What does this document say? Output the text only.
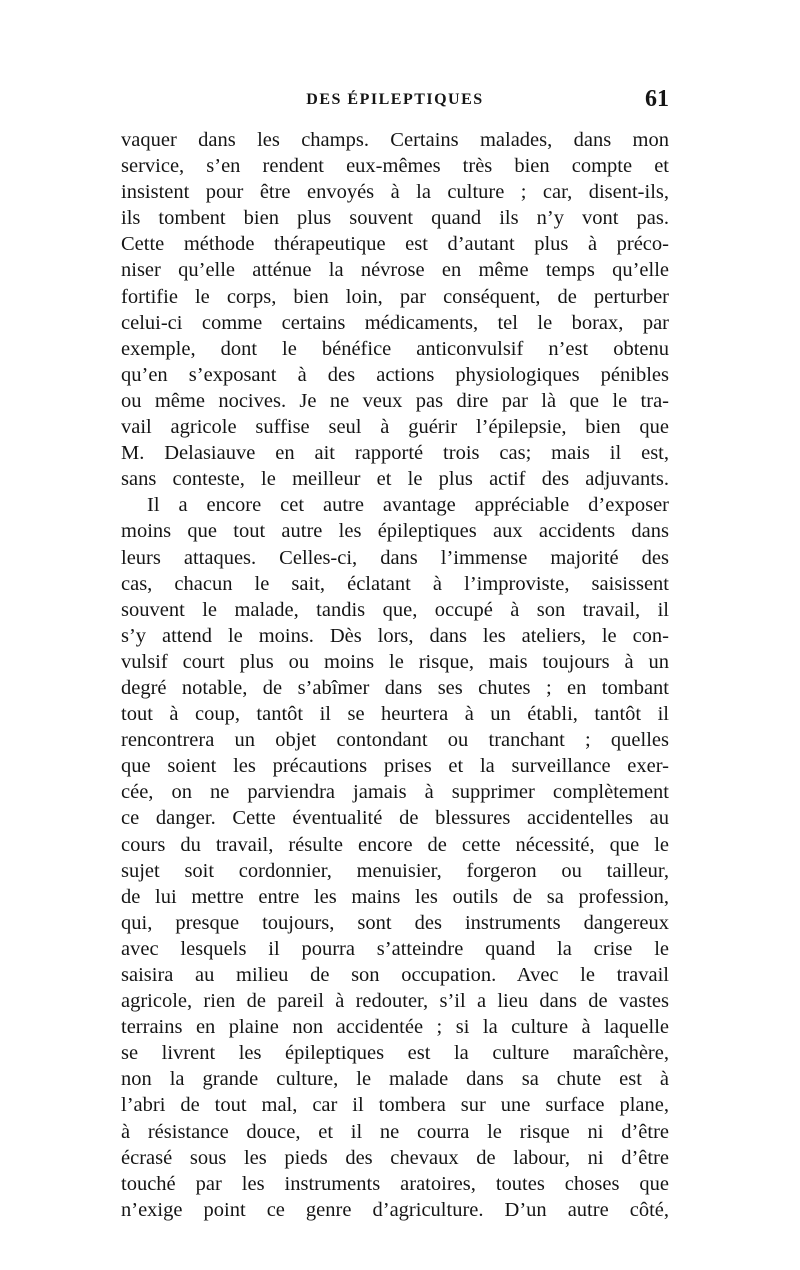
DES ÉPILEPTIQUES	61
vaquer dans les champs. Certains malades, dans mon
service, s’en rendent eux-mêmes très bien compte et
insistent pour être envoyés à la culture ; car, disent-ils,
ils tombent bien plus souvent quand ils n’y vont pas.
Cette méthode thérapeutique est d’autant plus à préco-
niser qu’elle atténue la névrose en même temps qu’elle
fortifie le corps, bien loin, par conséquent, de perturber
celui-ci comme certains médicaments, tel le borax, par
exemple, dont le bénéfice anticonvulsif n’est obtenu
qu’en s’exposant à des actions physiologiques pénibles
ou même nocives. Je ne veux pas dire par là que le tra-
vail agricole suffise seul à guérir l’épilepsie, bien que
M. Delasiauve en ait rapporté trois cas; mais il est,
sans conteste, le meilleur et le plus actif des adjuvants.
Il a encore cet autre avantage appréciable d’exposer
moins que tout autre les épileptiques aux accidents dans
leurs attaques. Celles-ci, dans l’immense majorité des
cas, chacun le sait, éclatant à l’improviste, saisissent
souvent le malade, tandis que, occupé à son travail, il
s’y attend le moins. Dès lors, dans les ateliers, le con-
vulsif court plus ou moins le risque, mais toujours à un
degré notable, de s’abîmer dans ses chutes ; en tombant
tout à coup, tantôt il se heurtera à un établi, tantôt il
rencontrera un objet contondant ou tranchant ; quelles
que soient les précautions prises et la surveillance exer-
cée, on ne parviendra jamais à supprimer complètement
ce danger. Cette éventualité de blessures accidentelles au
cours du travail, résulte encore de cette nécessité, que le
sujet soit cordonnier, menuisier, forgeron ou tailleur,
de lui mettre entre les mains les outils de sa profession,
qui, presque toujours, sont des instruments dangereux
avec lesquels il pourra s’atteindre quand la crise le
saisira au milieu de son occupation. Avec le travail
agricole, rien de pareil à redouter, s’il a lieu dans de vastes
terrains en plaine non accidentée ; si la culture à laquelle
se livrent les épileptiques est la culture maraîchère,
non la grande culture, le malade dans sa chute est à
l’abri de tout mal, car il tombera sur une surface plane,
à résistance douce, et il ne courra le risque ni d’être
écrasé sous les pieds des chevaux de labour, ni d’être
touché par les instruments aratoires, toutes choses que
n’exige point ce genre d’agriculture. D’un autre côté,
